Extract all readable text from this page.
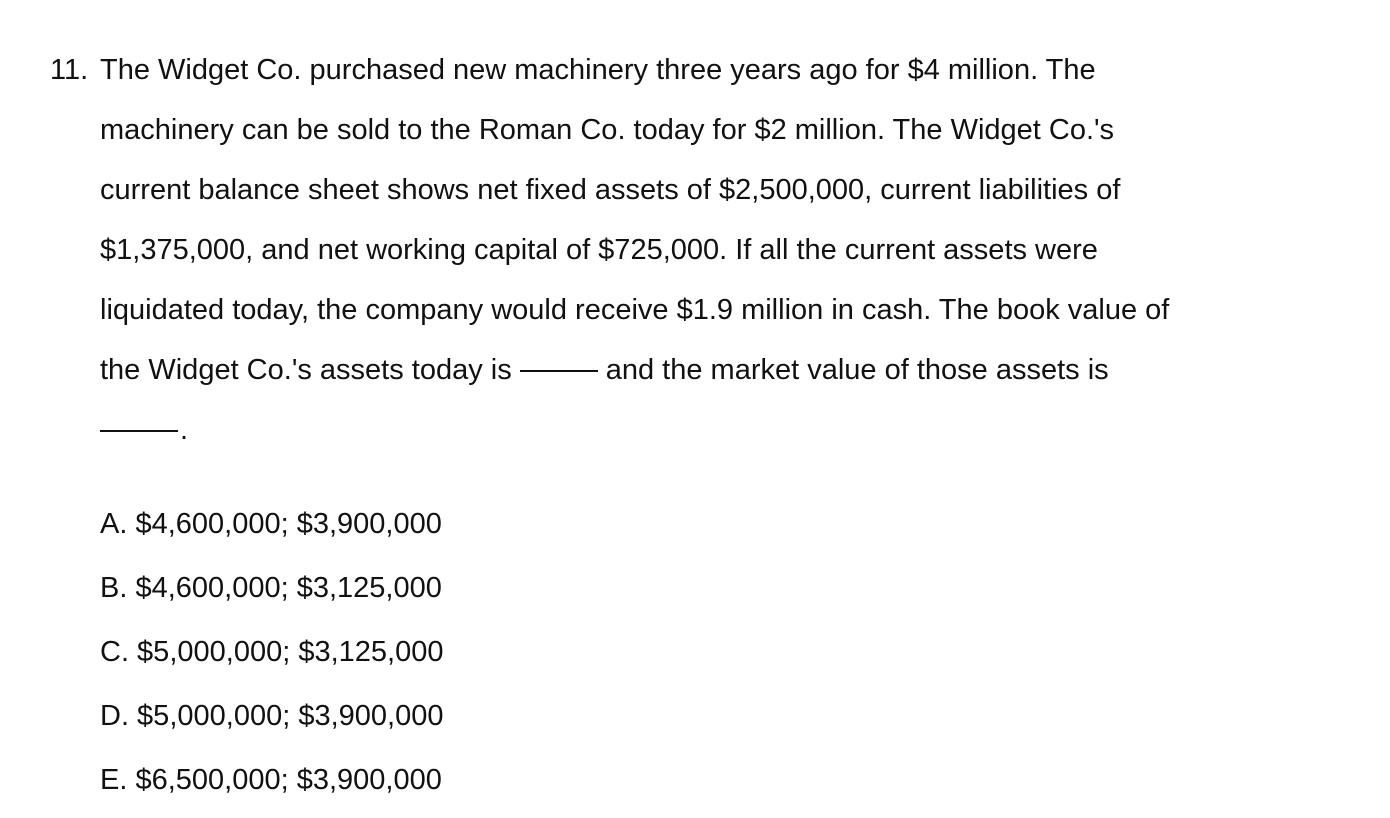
11. The Widget Co. purchased new machinery three years ago for $4 million. The
machinery can be sold to the Roman Co. today for $2 million. The Widget Co.'s
current balance sheet shows net fixed assets of $2,500,000, current liabilities of
$1,375,000, and net working capital of $725,000. If all the current assets were
liquidated today, the company would receive $1.9 million in cash. The book value of
the Widget Co.'s assets today is	and the market value of those assets is
.
A. $4,600,000; $3,900,000
B. $4,600,000; $3,125,000
C. $5,000,000; $3,125,000
D. $5,000,000; $3,900,000
E. $6,500,000; $3,900,000
